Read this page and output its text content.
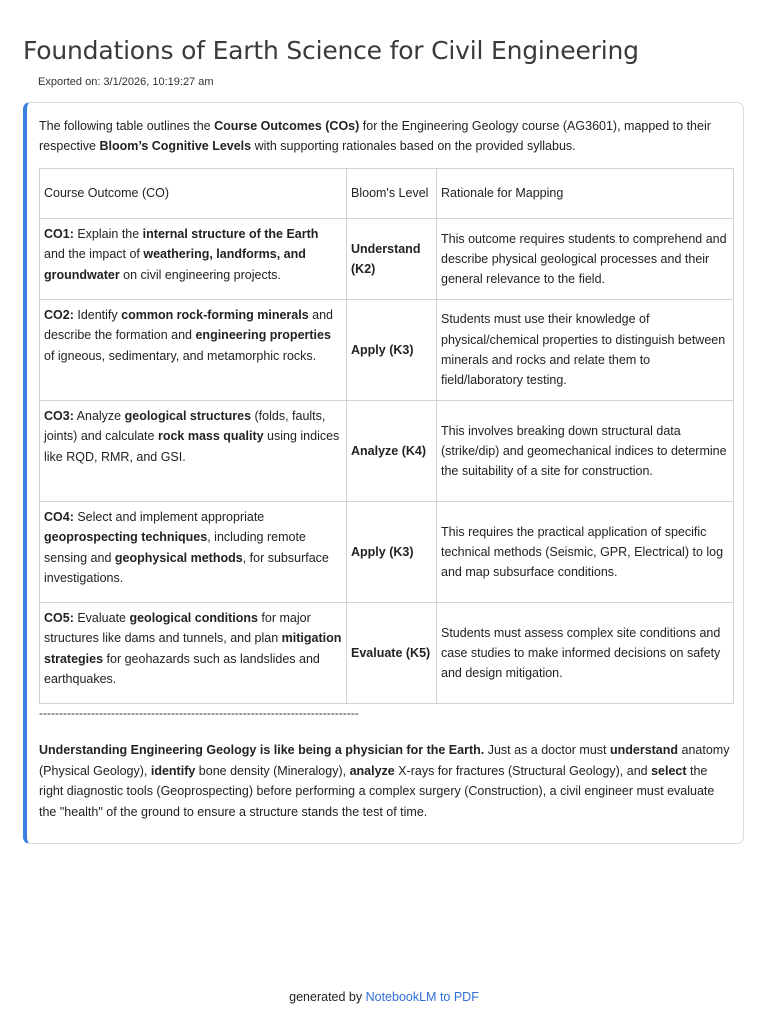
Foundations of Earth Science for Civil Engineering
Exported on: 3/1/2026, 10:19:27 am

The following table outlines the Course Outcomes (COs) for the Engineering Geology course (AG3601), mapped to their respective Bloom’s Cognitive Levels with supporting rationales based on the provided syllabus.

Course Outcome (CO)	Bloom's Level	Rationale for Mapping
CO1: Explain the internal structure of the Earth and the impact of weathering, landforms, and groundwater on civil engineering projects.	Understand (K2)	This outcome requires students to comprehend and describe physical geological processes and their general relevance to the field.
CO2: Identify common rock-forming minerals and describe the formation and engineering properties of igneous, sedimentary, and metamorphic rocks.	Apply (K3)	Students must use their knowledge of physical/chemical properties to distinguish between minerals and rocks and relate them to field/laboratory testing.
CO3: Analyze geological structures (folds, faults, joints) and calculate rock mass quality using indices like RQD, RMR, and GSI.	Analyze (K4)	This involves breaking down structural data (strike/dip) and geomechanical indices to determine the suitability of a site for construction.
CO4: Select and implement appropriate geoprospecting techniques, including remote sensing and geophysical methods, for subsurface investigations.	Apply (K3)	This requires the practical application of specific technical methods (Seismic, GPR, Electrical) to log and map subsurface conditions.
CO5: Evaluate geological conditions for major structures like dams and tunnels, and plan mitigation strategies for geohazards such as landslides and earthquakes.	Evaluate (K5)	Students must assess complex site conditions and case studies to make informed decisions on safety and design mitigation.
--------------------------------------------------------------------------------

Understanding Engineering Geology is like being a physician for the Earth. Just as a doctor must understand anatomy (Physical Geology), identify bone density (Mineralogy), analyze X-rays for fractures (Structural Geology), and select the right diagnostic tools (Geoprospecting) before performing a complex surgery (Construction), a civil engineer must evaluate the "health" of the ground to ensure a structure stands the test of time.

generated by NotebookLM to PDF
